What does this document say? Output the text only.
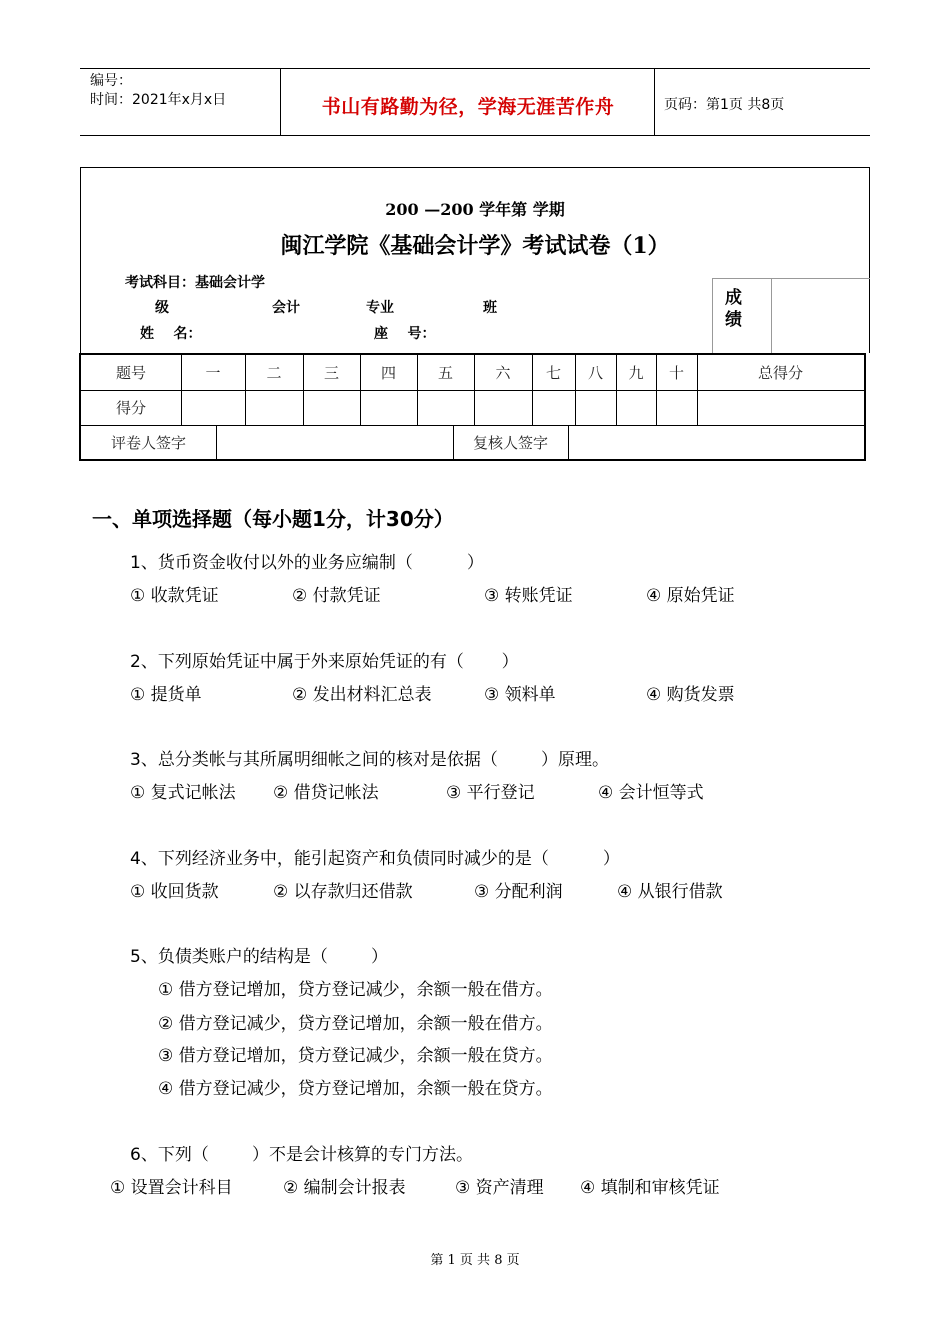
编号：
时间：2021年x月x日	书山有路勤为径，学海无涯苦作舟	页码：第1页 共8页
200 —200 学年第 学期
闽江学院《基础会计学》考试试卷（1）
考试科目：基础会计学
级	会计	专业	班
姓    名：	座    号：
成绩
题号	一	二	三	四	五	六	七	八	九	十	总得分
得分
评卷人签字	复核人签字
一、单项选择题（每小题1分，计30分）
1、货币资金收付以外的业务应编制（          ）
① 收款凭证	② 付款凭证	③ 转账凭证	④ 原始凭证
2、下列原始凭证中属于外来原始凭证的有（       ）
① 提货单	② 发出材料汇总表	③ 领料单	④ 购货发票
3、总分类帐与其所属明细帐之间的核对是依据（        ）原理。
① 复式记帐法 ② 借贷记帐法	③ 平行登记	④ 会计恒等式
4、下列经济业务中，能引起资产和负债同时减少的是（          ）
① 收回货款	② 以存款归还借款	③ 分配利润	④ 从银行借款
5、负债类账户的结构是（        ）
① 借方登记增加，贷方登记减少，余额一般在借方。
② 借方登记减少，贷方登记增加，余额一般在借方。
③ 借方登记增加，贷方登记减少，余额一般在贷方。
④ 借方登记减少，贷方登记增加，余额一般在贷方。
6、下列（        ）不是会计核算的专门方法。
① 设置会计科目	② 编制会计报表	③ 资产清理 ④ 填制和审核凭证
第 1 页 共 8 页
